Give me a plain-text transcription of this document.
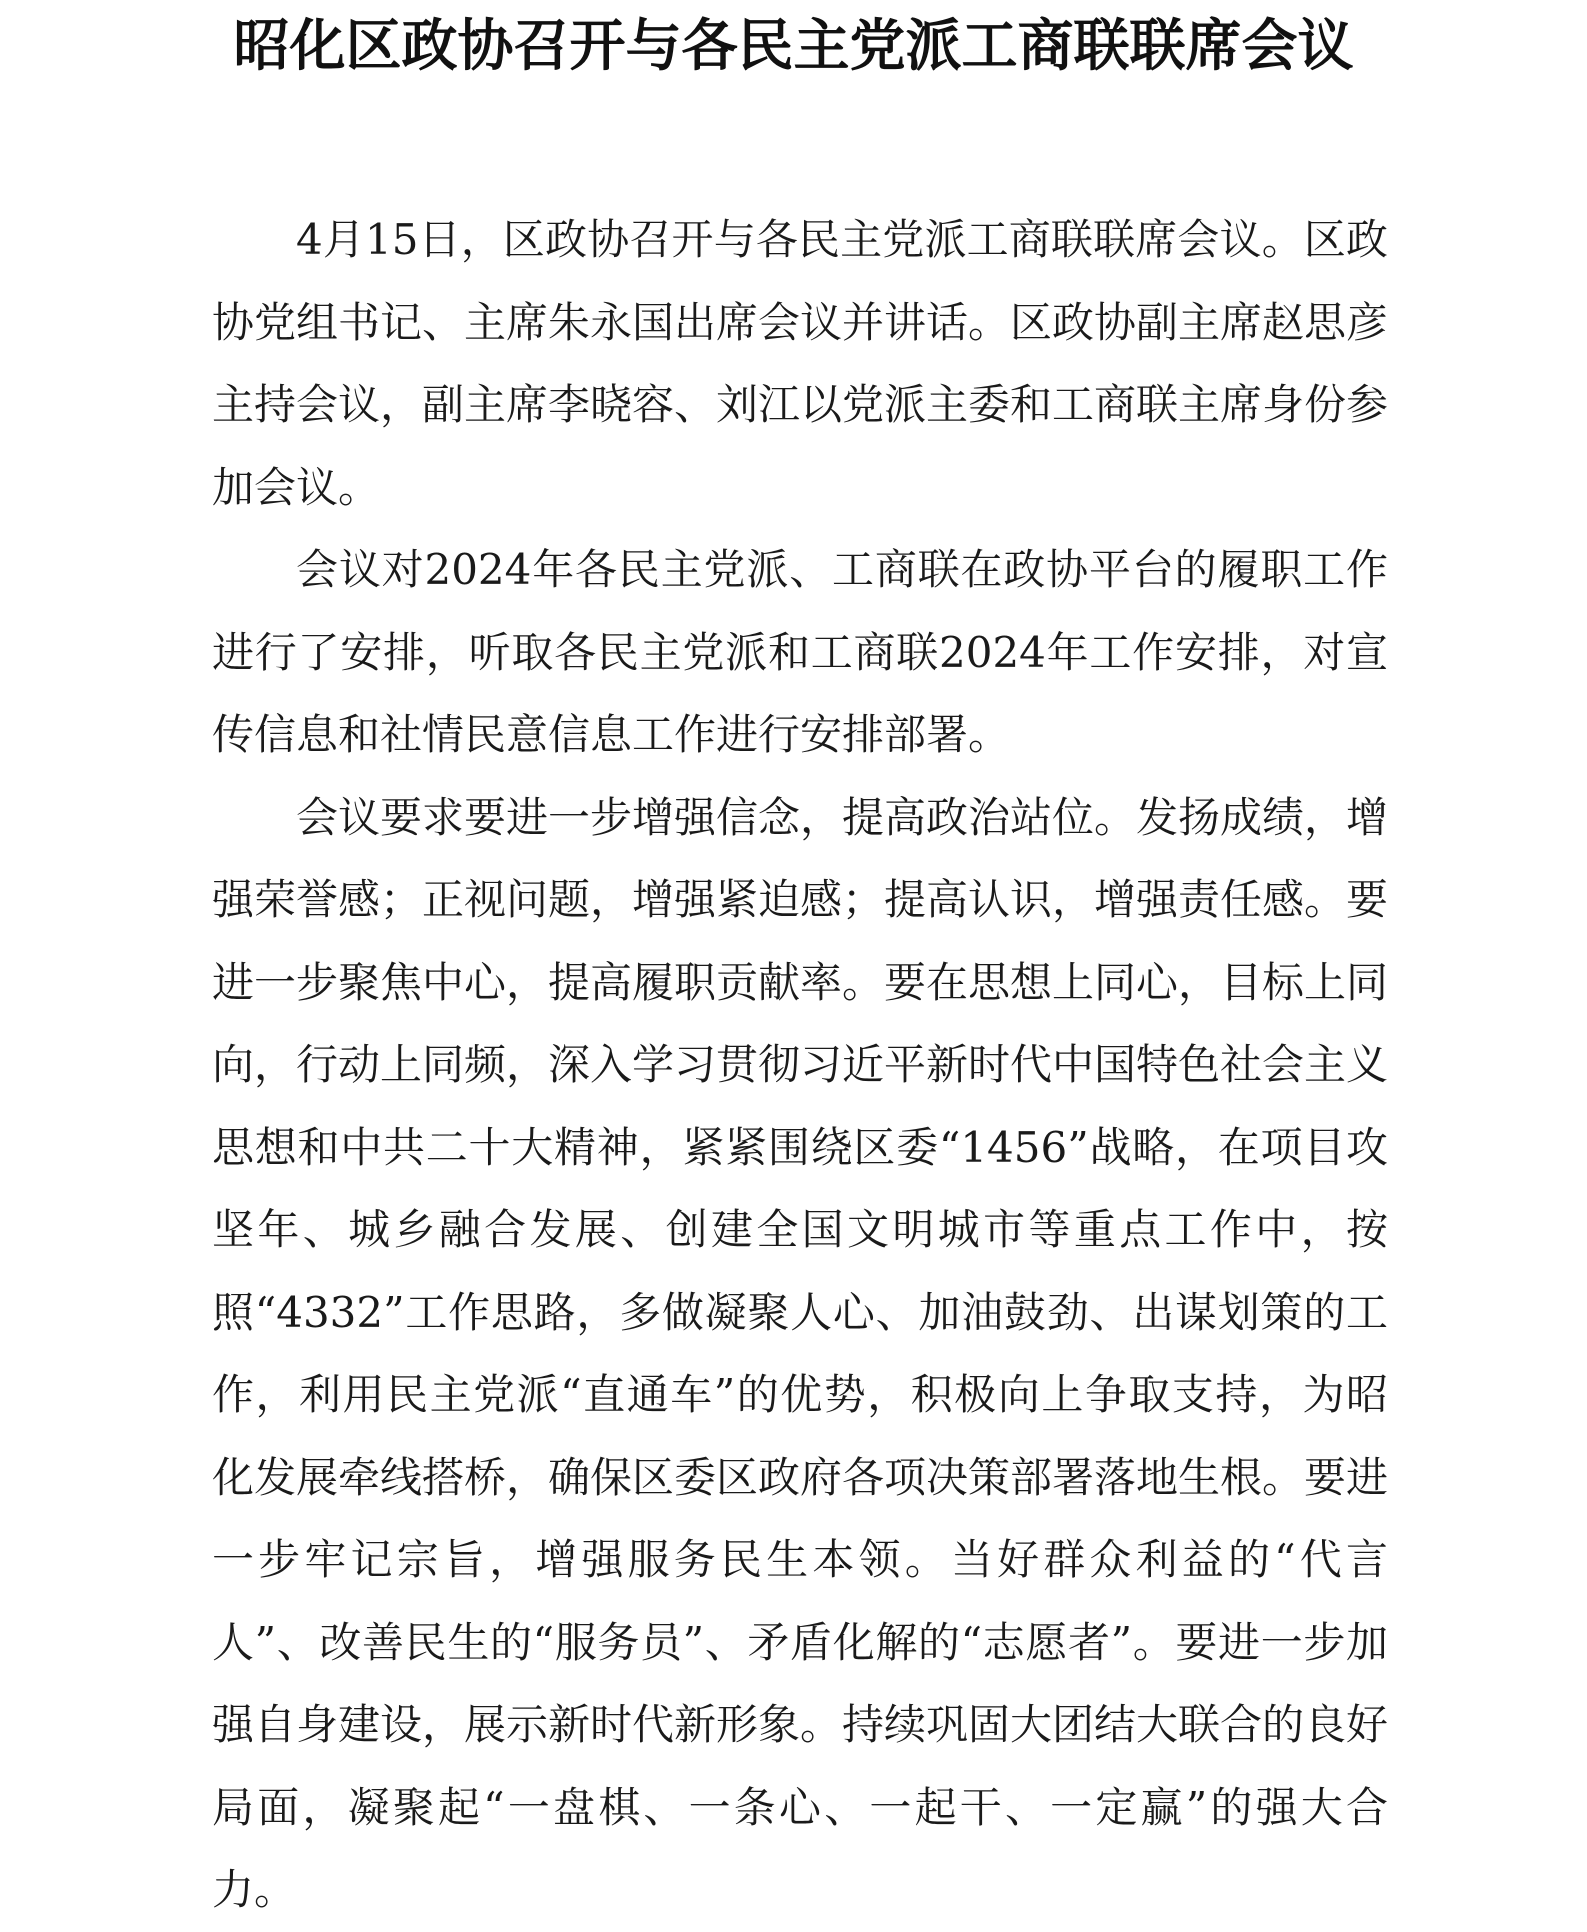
昭化区政协召开与各民主党派工商联联席会议

4月15日，区政协召开与各民主党派工商联联席会议。区政协党组书记、主席朱永国出席会议并讲话。区政协副主席赵思彦主持会议，副主席李晓容、刘江以党派主委和工商联主席身份参加会议。

会议对2024年各民主党派、工商联在政协平台的履职工作进行了安排，听取各民主党派和工商联2024年工作安排，对宣传信息和社情民意信息工作进行安排部署。

会议要求要进一步增强信念，提高政治站位。发扬成绩，增强荣誉感；正视问题，增强紧迫感；提高认识，增强责任感。要进一步聚焦中心，提高履职贡献率。要在思想上同心，目标上同向，行动上同频，深入学习贯彻习近平新时代中国特色社会主义思想和中共二十大精神，紧紧围绕区委“1456”战略，在项目攻坚年、城乡融合发展、创建全国文明城市等重点工作中，按照“4332”工作思路，多做凝聚人心、加油鼓劲、出谋划策的工作，利用民主党派“直通车”的优势，积极向上争取支持，为昭化发展牵线搭桥，确保区委区政府各项决策部署落地生根。要进一步牢记宗旨，增强服务民生本领。当好群众利益的“代言人”、改善民生的“服务员”、矛盾化解的“志愿者”。要进一步加强自身建设，展示新时代新形象。持续巩固大团结大联合的良好局面，凝聚起“一盘棋、一条心、一起干、一定赢”的强大合力。
